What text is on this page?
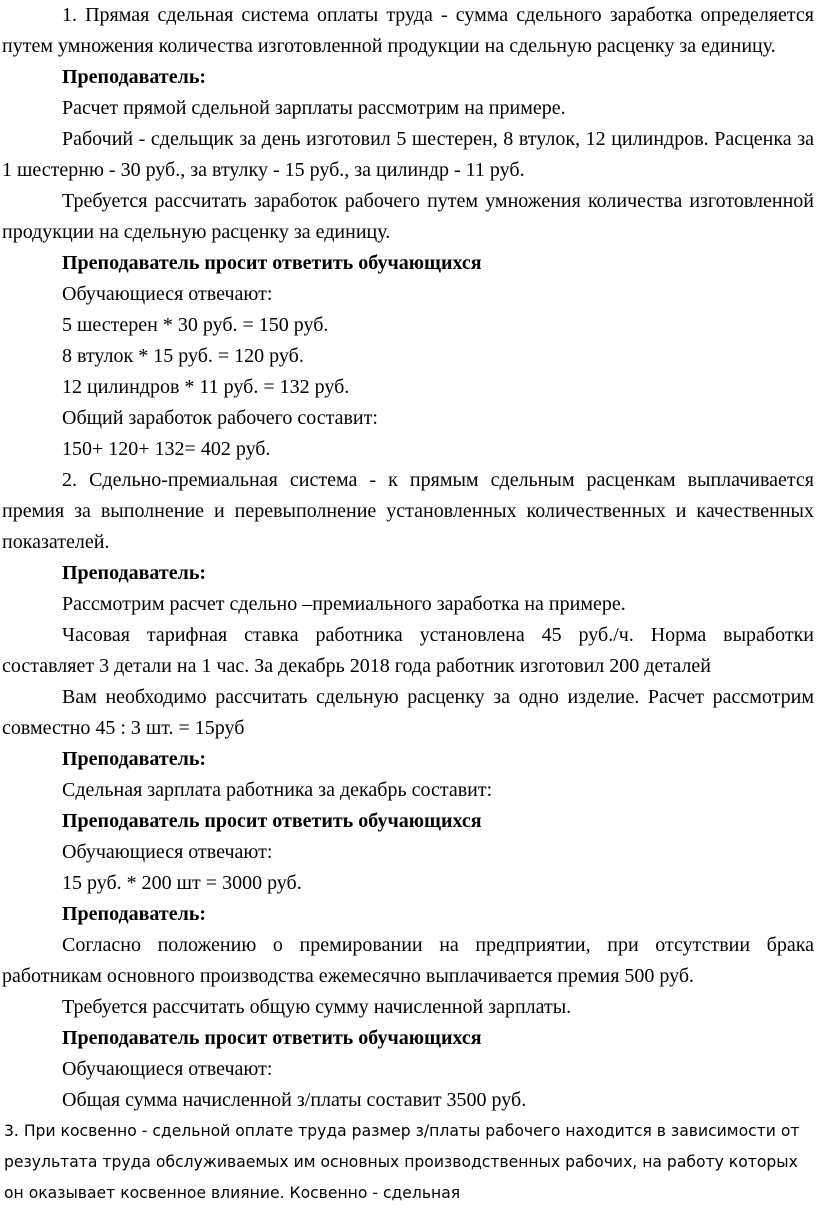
1. Прямая сдельная система оплаты труда - сумма сдельного заработка определяется путем умножения количества изготовленной продукции на сдельную расценку за единицу.

Преподаватель:

Расчет прямой сдельной зарплаты рассмотрим на примере.

Рабочий - сдельщик за день изготовил 5 шестерен, 8 втулок, 12 цилиндров. Расценка за 1 шестерню - 30 руб., за втулку - 15 руб., за цилиндр - 11 руб.

Требуется рассчитать заработок рабочего путем умножения количества изготовленной продукции на сдельную расценку за единицу.

Преподаватель просит ответить обучающихся

Обучающиеся отвечают:

5 шестерен * 30 руб. = 150 руб.

8 втулок * 15 руб. = 120 руб.

12 цилиндров * 11 руб. = 132 руб.

Общий заработок рабочего составит:

150+ 120+ 132= 402 руб.

2. Сдельно-премиальная система - к прямым сдельным расценкам выплачивается премия за выполнение и перевыполнение установленных количественных и качественных показателей.

Преподаватель:

Рассмотрим расчет сдельно –премиального заработка на примере.

Часовая тарифная ставка работника установлена 45 руб./ч. Норма выработки составляет 3 детали на 1 час. За декабрь 2018 года работник изготовил 200 деталей

Вам необходимо рассчитать сдельную расценку за одно изделие. Расчет рассмотрим совместно 45 : 3 шт. = 15руб

Преподаватель:

Сдельная зарплата работника за декабрь составит:

Преподаватель просит ответить обучающихся

Обучающиеся отвечают:

15 руб. * 200 шт = 3000 руб.

Преподаватель:

Согласно положению о премировании на предприятии, при отсутствии брака работникам основного производства ежемесячно выплачивается премия 500 руб.

Требуется рассчитать общую сумму начисленной зарплаты.

Преподаватель просит ответить обучающихся

Обучающиеся отвечают:

Общая сумма начисленной з/платы составит 3500 руб.

3. При косвенно - сдельной оплате труда размер з/платы рабочего находится в зависимости от результата труда обслуживаемых им основных производственных рабочих, на работу которых он оказывает косвенное влияние. Косвенно - сдельная
